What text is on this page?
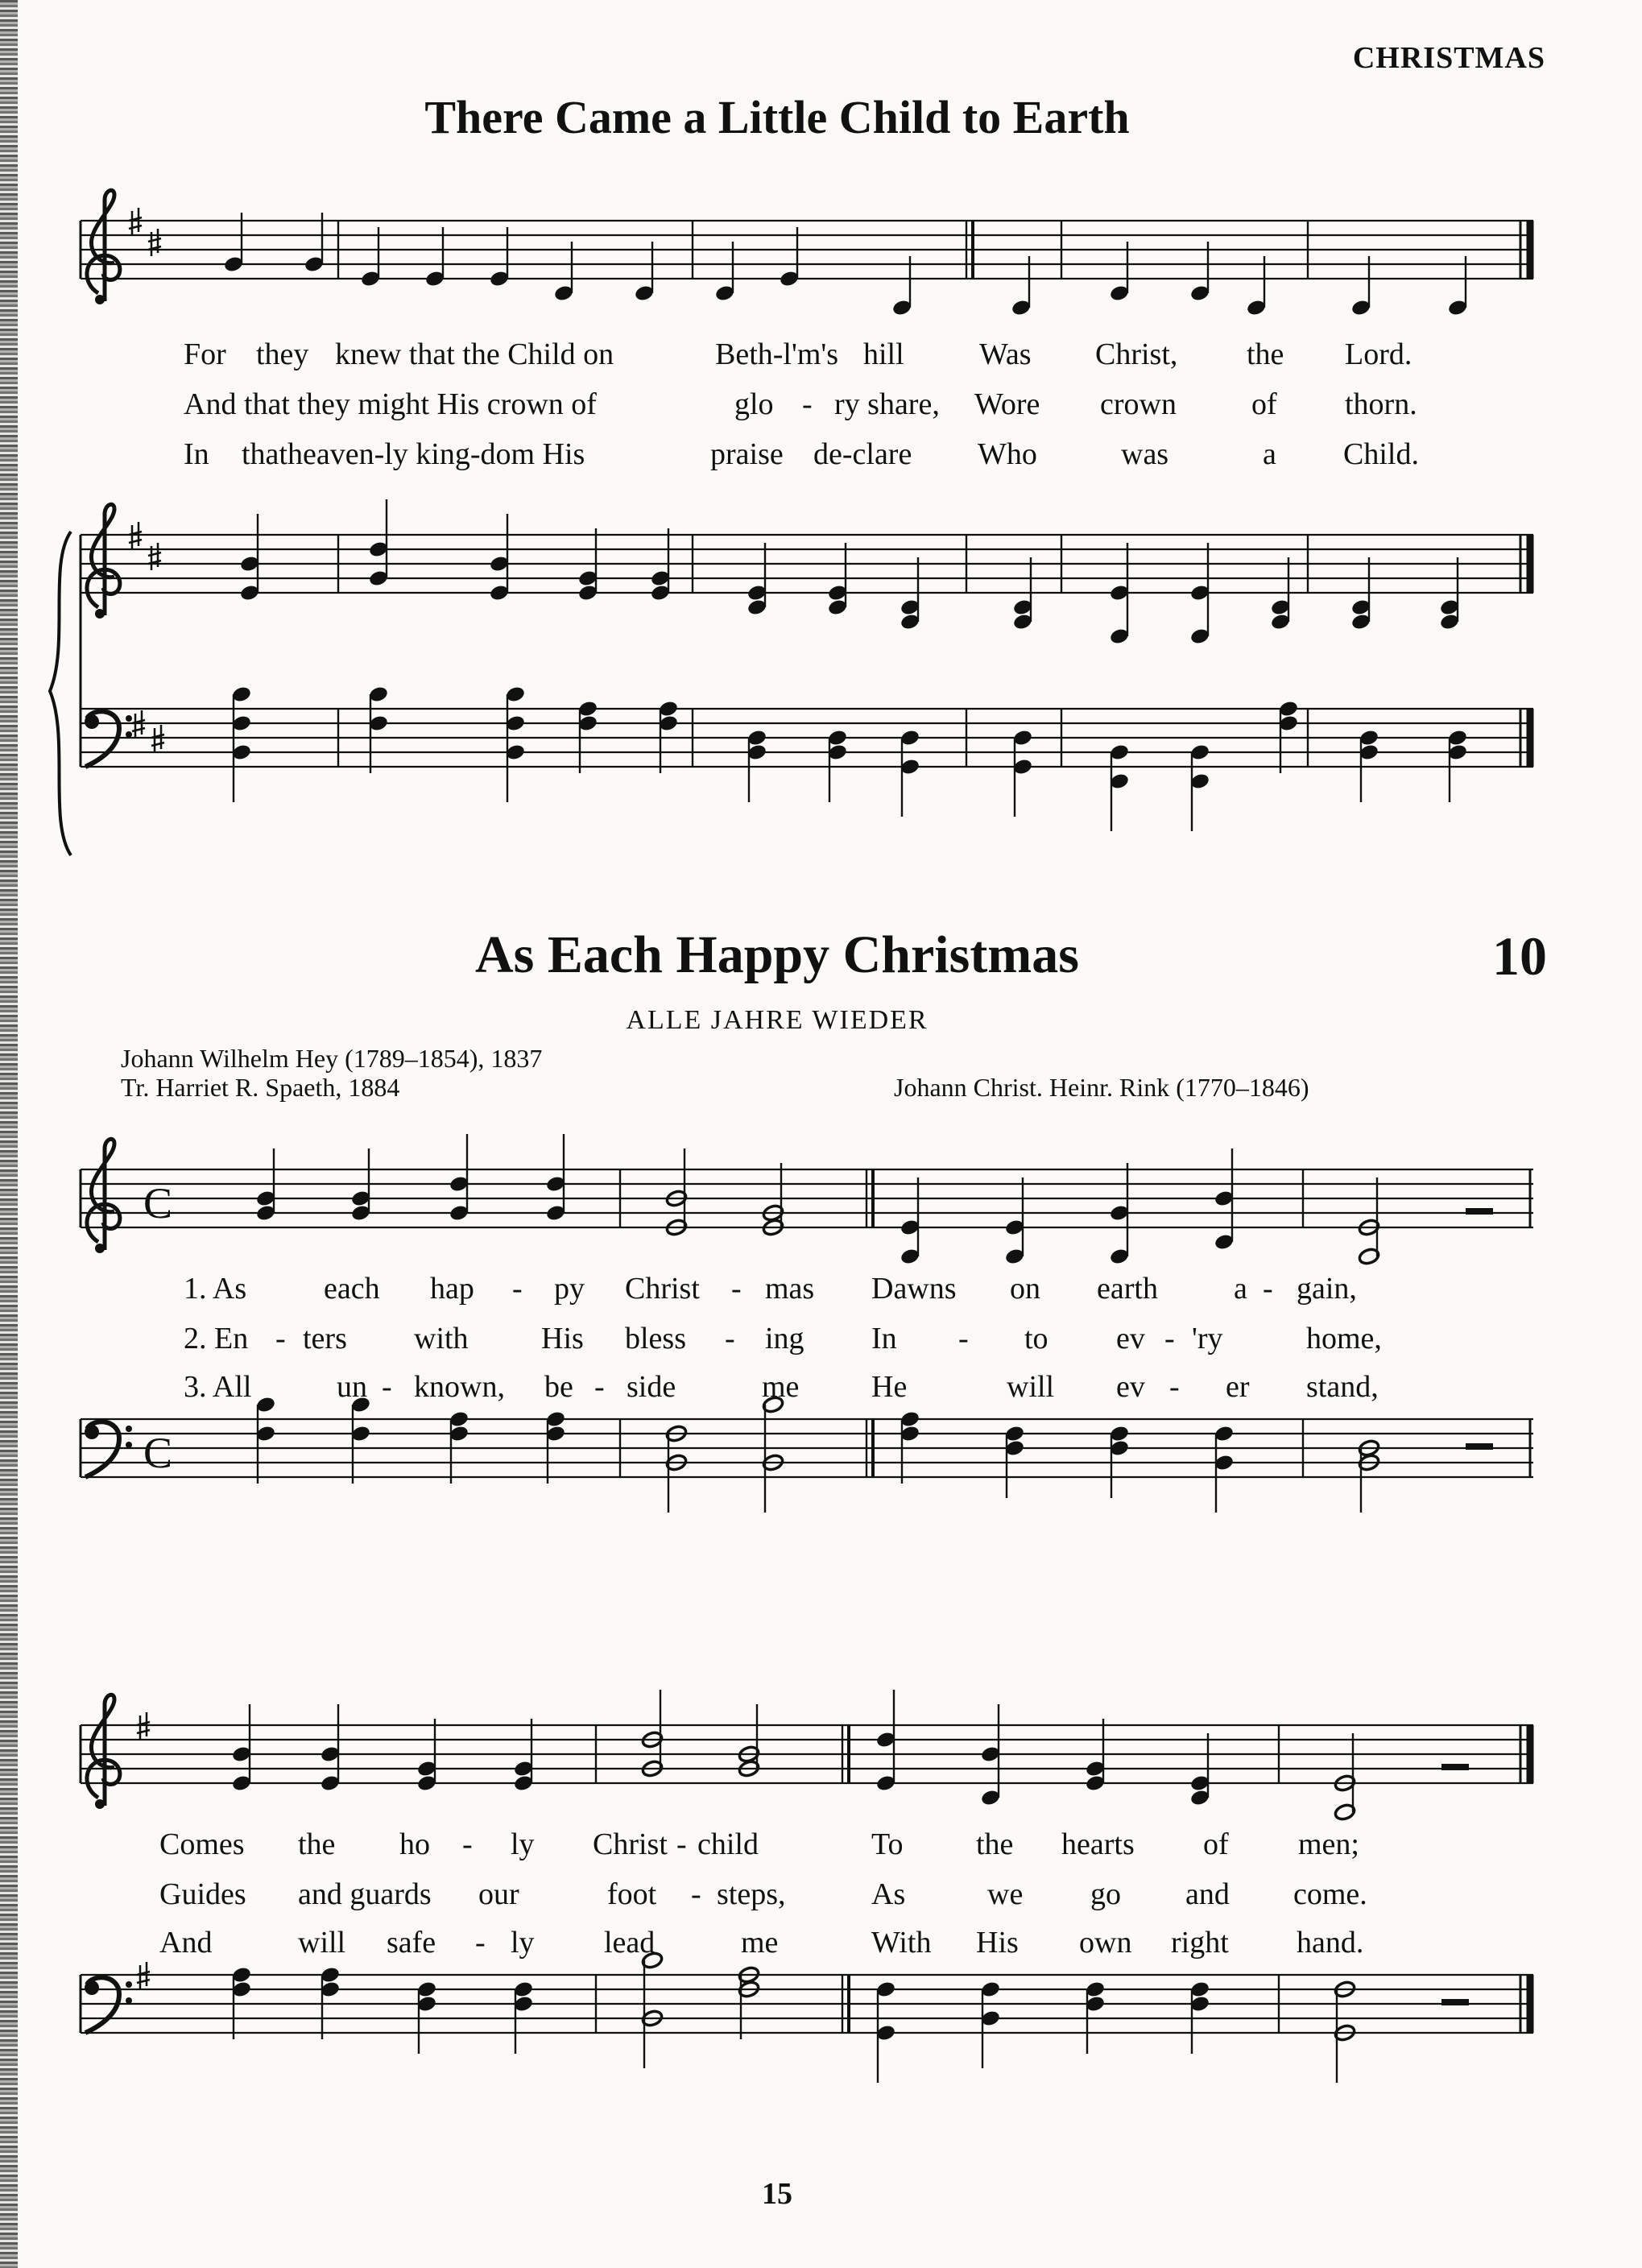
CHRISTMAS
There Came a Little Child to Earth
C
C
For they knew that the Child on	Beth-l'm's hill Was Christ, the Lord.
And that they might His crown of	glo - ry share, Wore crown of thorn.
In thatheaven-ly king-dom His	praise de-clare Who	was	a Child.
As Each Happy Christmas	10
ALLE JAHRE WIEDER
Johann Wilhelm Hey (1789–1854), 1837
Tr. Harriet R. Spaeth, 1884	Johann Christ. Heinr. Rink (1770–1846)
1. As	each hap - py Christ - mas Dawns on earth a - gain,
2. En - ters with His bless - ing In - to ev - 'ry	home,
3. All	un - known, be - side	me He	will ev - er stand,
Comes the ho - ly Christ - child	To the hearts of men;
Guides and guards our	foot - steps,	As	we go and come.
And	will safe - ly lead	me	With His own right hand.
15
